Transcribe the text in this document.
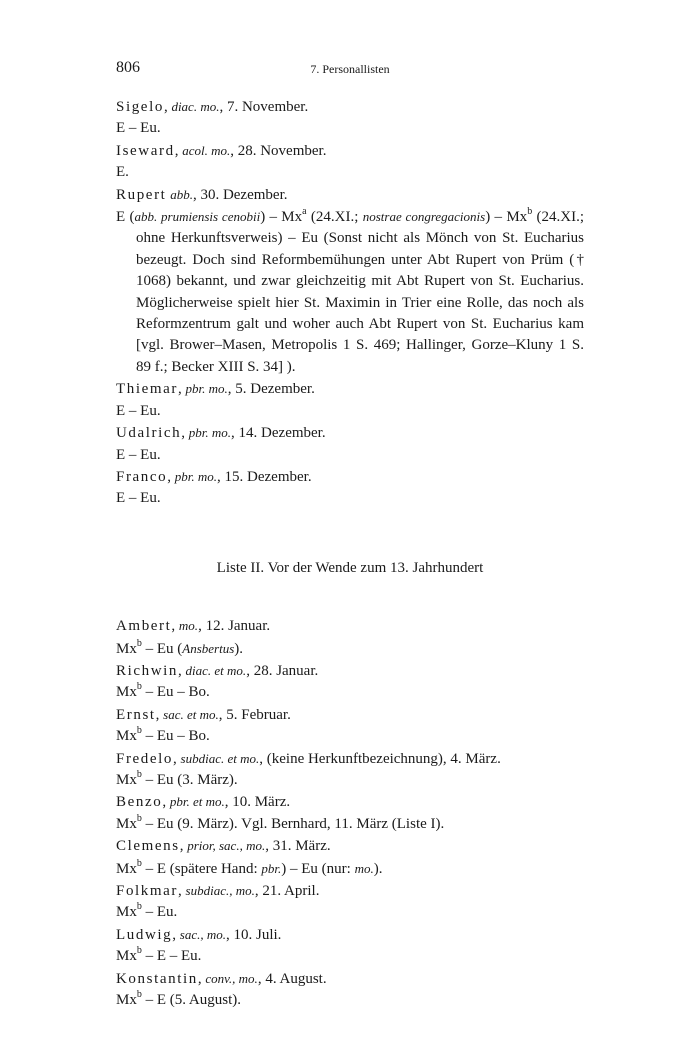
806	7. Personallisten

Sigelo, diac. mo., 7. November.

E – Eu.

Iseward, acol. mo., 28. November.

E.

Rupert abb., 30. Dezember.

E (abb. prumiensis cenobii) – Mx$^a$ (24.XI.; nostrae congregacionis) – Mx$^b$ (24.XI.; ohne Herkunftsverweis) – Eu (Sonst nicht als Mönch von St. Eucharius bezeugt. Doch sind Reformbemühungen unter Abt Rupert von Prüm († 1068) bekannt, und zwar gleichzeitig mit Abt Rupert von St. Eucharius. Möglicherweise spielt hier St. Maximin in Trier eine Rolle, das noch als Reformzentrum galt und woher auch Abt Rupert von St. Eucharius kam [vgl. Brower–Masen, Metropolis 1 S. 469; Hallinger, Gorze–Kluny 1 S. 89 f.; Becker XIII S. 34] ).

Thiemar, pbr. mo., 5. Dezember.

E – Eu.

Udalrich, pbr. mo., 14. Dezember.

E – Eu.

Franco, pbr. mo., 15. Dezember.

E – Eu.

Liste II. Vor der Wende zum 13. Jahrhundert

Ambert, mo., 12. Januar.

Mx$^b$ – Eu (Ansbertus).

Richwin, diac. et mo., 28. Januar.

Mx$^b$ – Eu – Bo.

Ernst, sac. et mo., 5. Februar.

Mx$^b$ – Eu – Bo.

Fredelo, subdiac. et mo., (keine Herkunftbezeichnung), 4. März.

Mx$^b$ – Eu (3. März).

Benzo, pbr. et mo., 10. März.

Mx$^b$ – Eu (9. März). Vgl. Bernhard, 11. März (Liste I).

Clemens, prior, sac., mo., 31. März.

Mx$^b$ – E (spätere Hand: pbr.) – Eu (nur: mo.).

Folkmar, subdiac., mo., 21. April.

Mx$^b$ – Eu.

Ludwig, sac., mo., 10. Juli.

Mx$^b$ – E – Eu.

Konstantin, conv., mo., 4. August.

Mx$^b$ – E (5. August).
